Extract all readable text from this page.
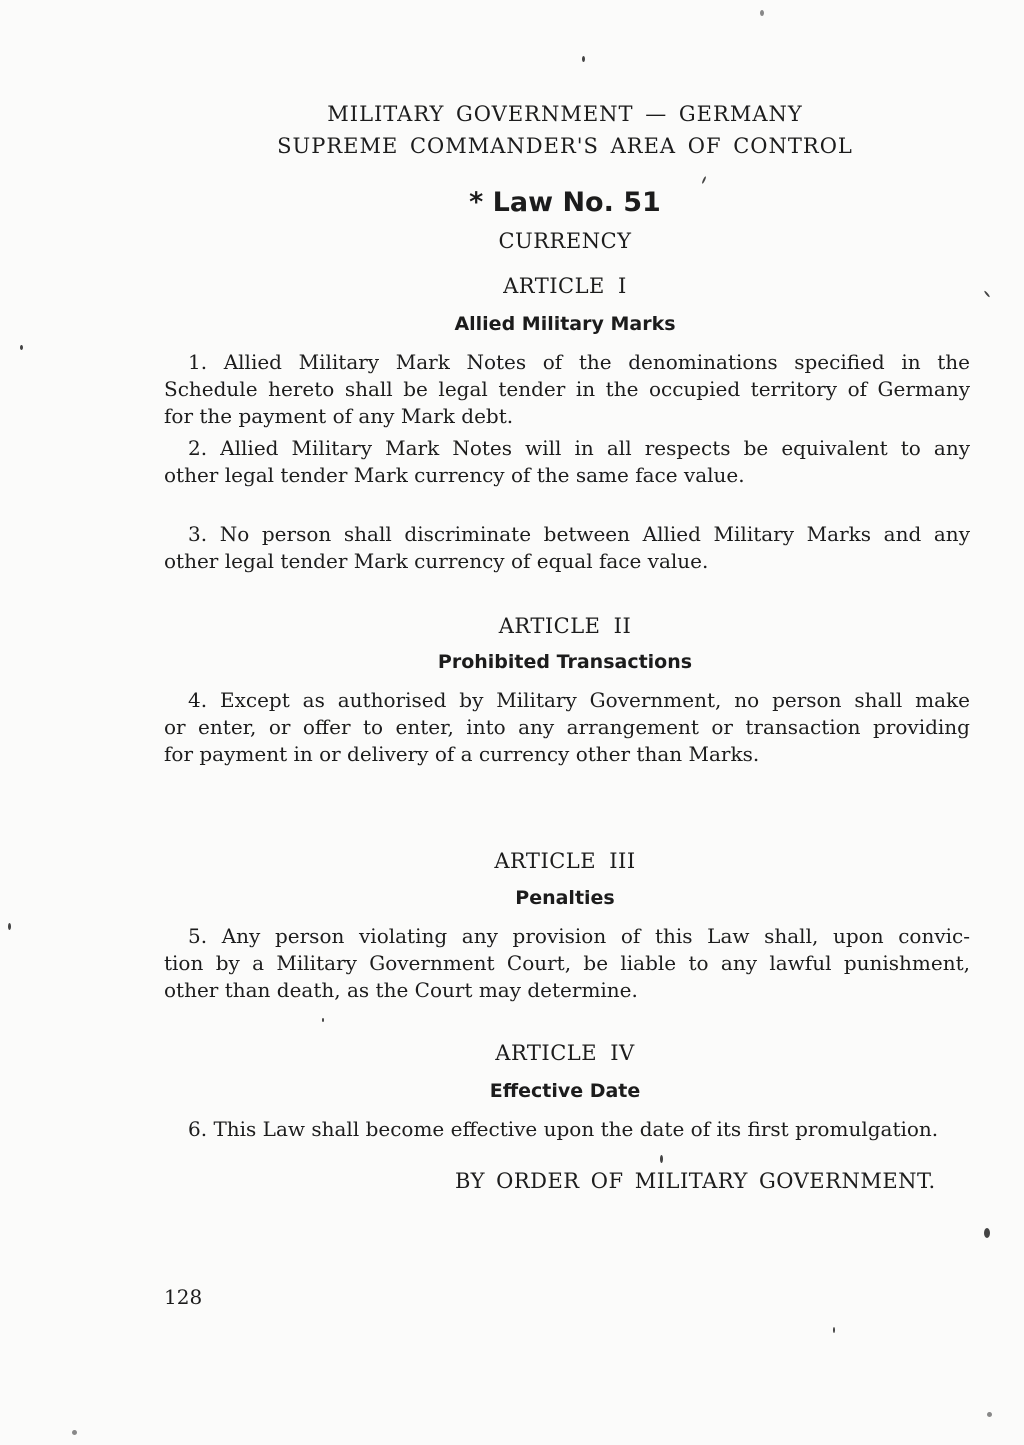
MILITARY GOVERNMENT — GERMANY
SUPREME COMMANDER'S AREA OF CONTROL
* Law No. 51
CURRENCY
ARTICLE I
Allied Military Marks
1. Allied Military Mark Notes of the denominations specified in the
Schedule hereto shall be legal tender in the occupied territory of Germany
for the payment of any Mark debt.
2. Allied Military Mark Notes will in all respects be equivalent to any
other legal tender Mark currency of the same face value.
3. No person shall discriminate between Allied Military Marks and any
other legal tender Mark currency of equal face value.
ARTICLE II
Prohibited Transactions
4. Except as authorised by Military Government, no person shall make
or enter, or offer to enter, into any arrangement or transaction providing
for payment in or delivery of a currency other than Marks.
ARTICLE III
Penalties
5. Any person violating any provision of this Law shall, upon convic-
tion by a Military Government Court, be liable to any lawful punishment,
other than death, as the Court may determine.
ARTICLE IV
Effective Date
6. This Law shall become effective upon the date of its first promulgation.
BY ORDER OF MILITARY GOVERNMENT.
128
